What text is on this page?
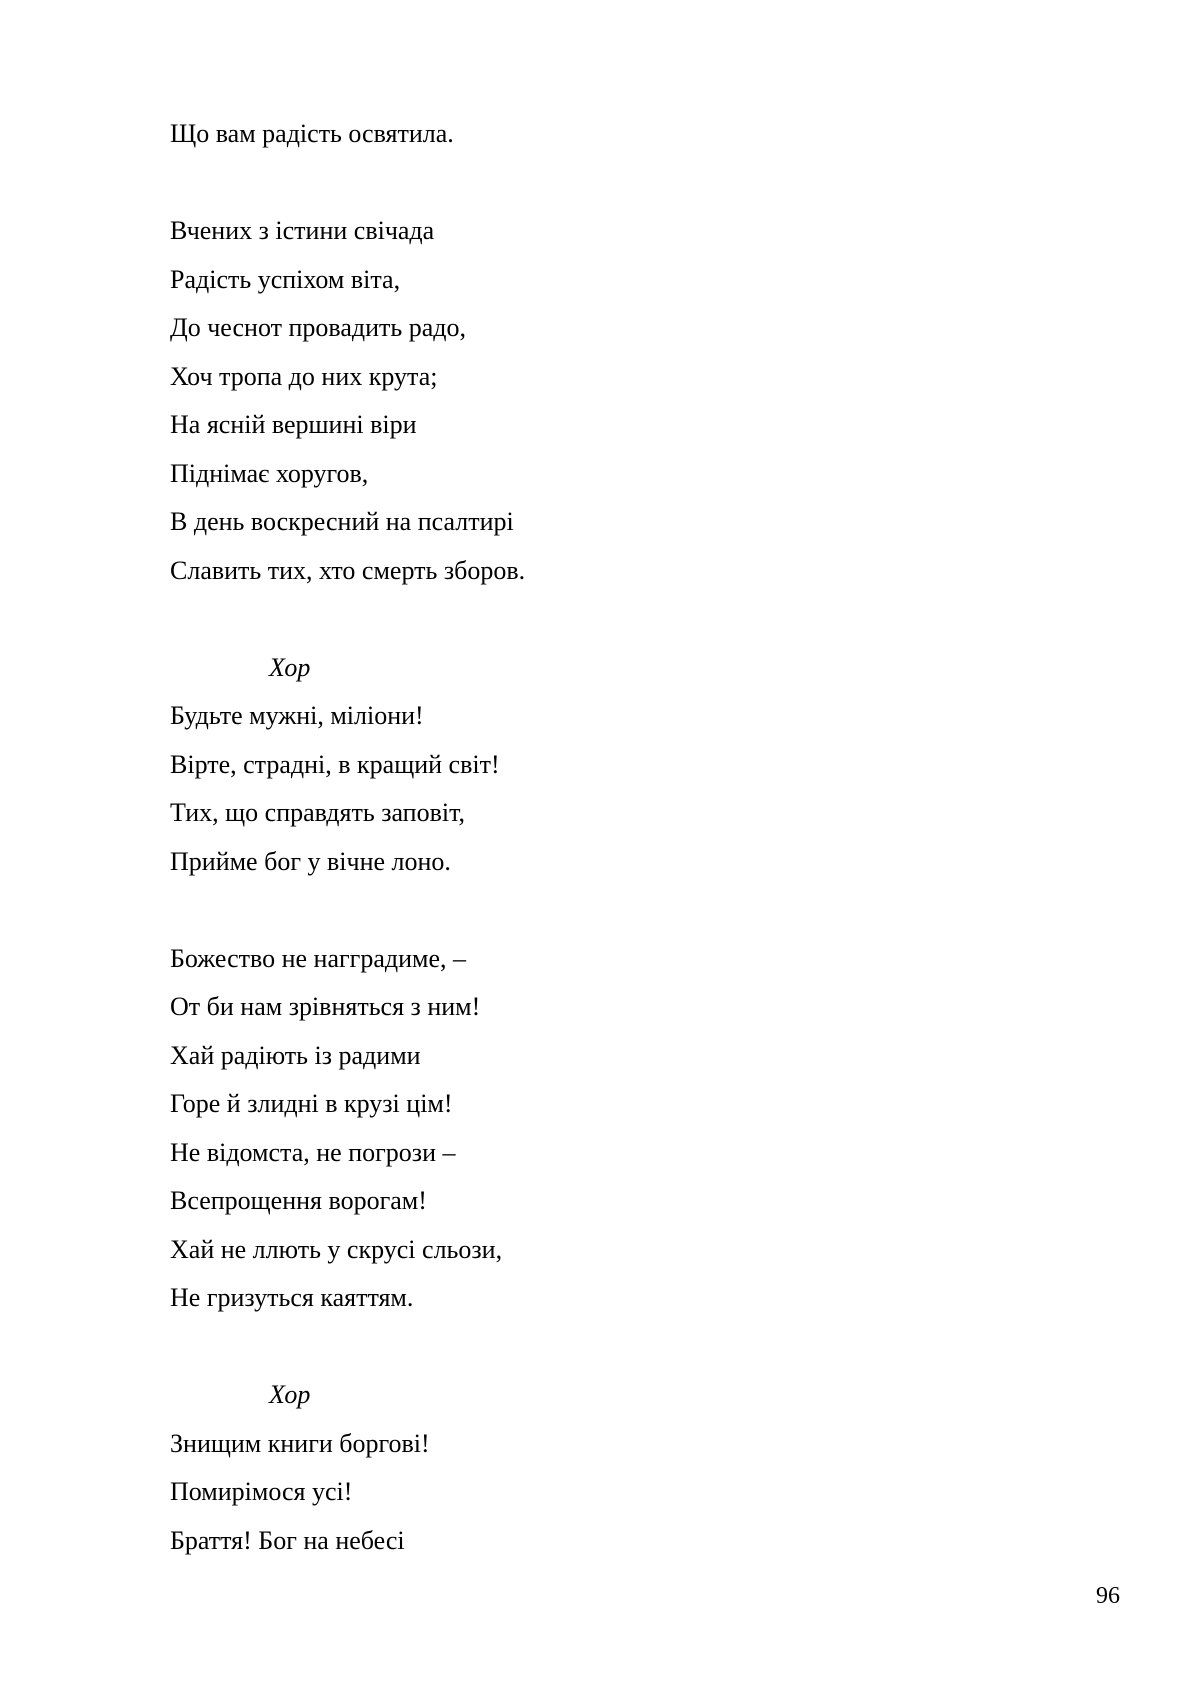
Що вам радість освятила.
Вчених з істини свічада
Радість успіхом віта,
До чеснот провадить радо,
Хоч тропа до них крута;
На ясній вершині віри
Піднімає хоругов,
В день воскресний на псалтирі
Славить тих, хто смерть зборов.
Хор
Будьте мужні, міліони!
Вірте, страдні, в кращий світ!
Тих, що справдять заповіт,
Прийме бог у вічне лоно.
Божество не нагградиме, –
От би нам зрівняться з ним!
Хай радіють із радими
Горе й злидні в крузі цім!
Не відомста, не погрози –
Всепрощення ворогам!
Хай не ллють у скрусі сльози,
Не гризуться каяттям.
Хор
Знищим книги боргові!
Помирімося усі!
Браття! Бог на небесі
96
